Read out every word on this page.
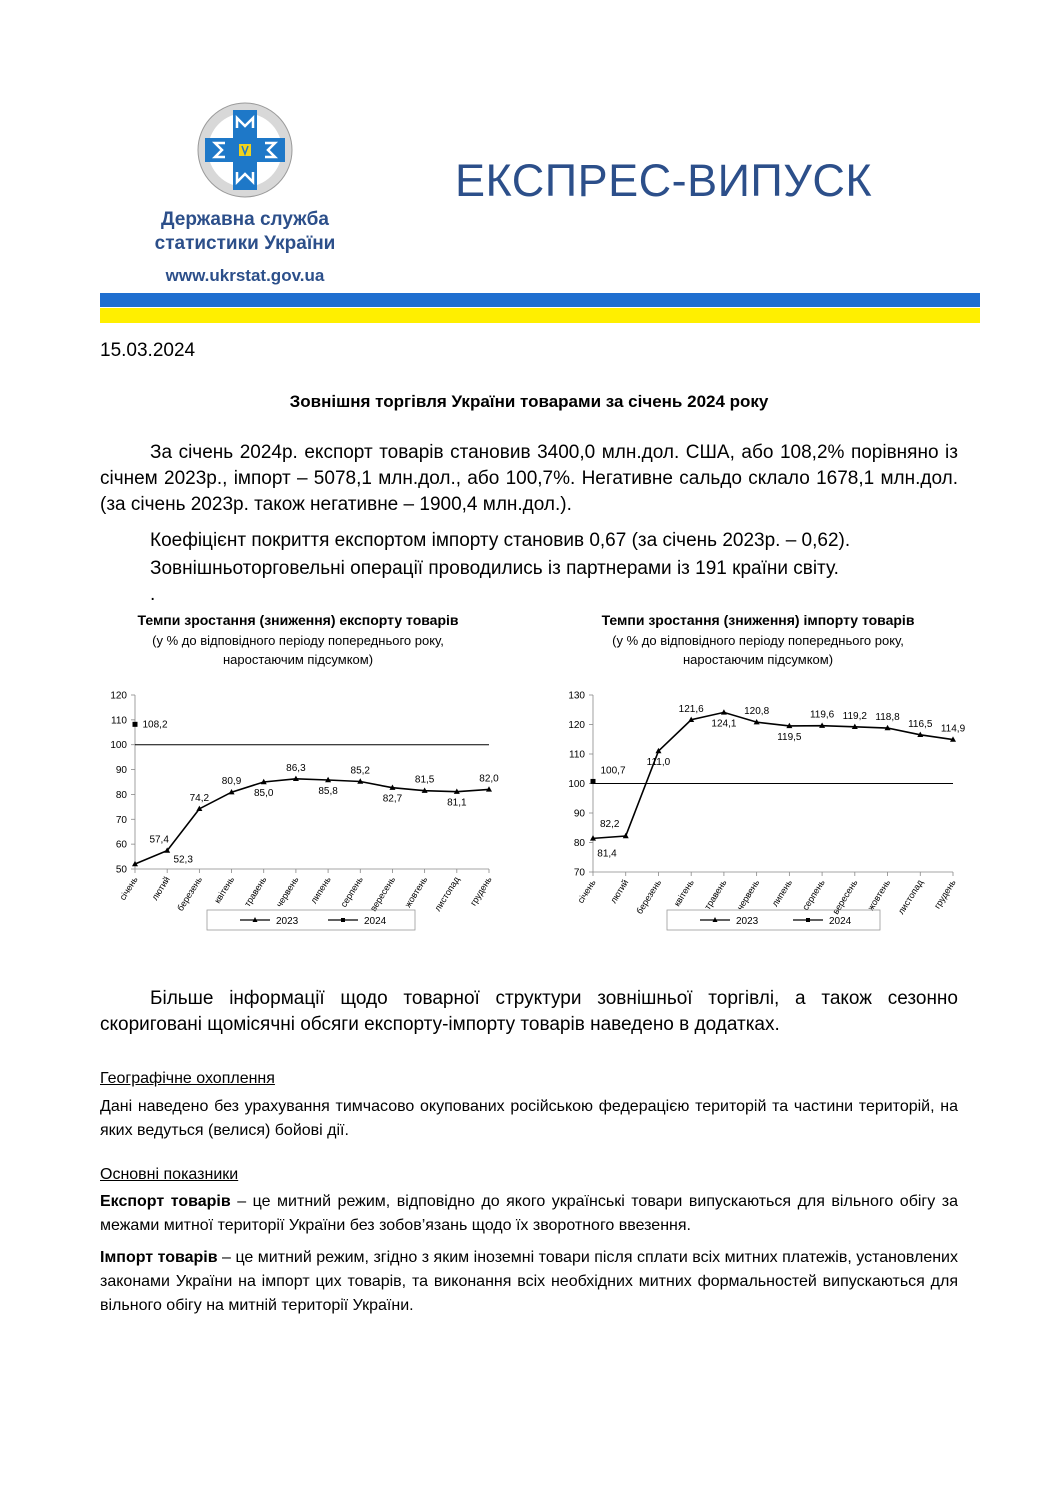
Державна служба
статистики України
www.ukrstat.gov.ua
ЕКСПРЕС-ВИПУСК
15.03.2024
Зовнішня торгівля України товарами за січень 2024 року
За січень 2024р. експорт товарів становив 3400,0 млн.дол. США, або 108,2% порівняно із січнем 2023р., імпорт – 5078,1 млн.дол., або 100,7%. Негативне сальдо склало 1678,1 млн.дол. (за січень 2023р. також негативне – 1900,4 млн.дол.).
Коефіцієнт покриття експортом імпорту становив 0,67 (за січень 2023р. – 0,62).
Зовнішньоторговельні операції проводились із партнерами із 191 країни світу.
.
Темпи зростання (зниження) експорту товарів
(у % до відповідного періоду попереднього року,
наростаючим підсумком)
50
60
70
80
90
100
110
120
січень лютий березень квітень травень червень липень серпень вересень жовтень листопад грудень
57,4
52,3
74,2
80,9
85,0
86,3
85,8
85,2
82,7
81,5
81,1
82,0
108,2
2023	2024
Темпи зростання (зниження) імпорту товарів
(у % до відповідного періоду попереднього року,
наростаючим підсумком)
70
80
90
100
110
120
130
січень лютий березень квітень травень червень липень серпень вересень жовтень листопад грудень
81,4
82,2
111,0
121,6
124,1
120,8
119,5
119,6 119,2 118,8
116,5 114,9
100,7
2023	2024
Більше інформації щодо товарної структури зовнішньої торгівлі, а також сезонно скориговані щомісячні обсяги експорту-імпорту товарів наведено в додатках.
Географічне охоплення
Дані наведено без урахування тимчасово окупованих російською федерацією територій та частини територій, на яких ведуться (велися) бойові дії.
Основні показники
Експорт товарів – це митний режим, відповідно до якого українські товари випускаються для вільного обігу за межами митної території України без зобов’язань щодо їх зворотного ввезення.
Імпорт товарів – це митний режим, згідно з яким іноземні товари після сплати всіх митних платежів, установлених законами України на імпорт цих товарів, та виконання всіх необхідних митних формальностей випускаються для вільного обігу на митній території України.
